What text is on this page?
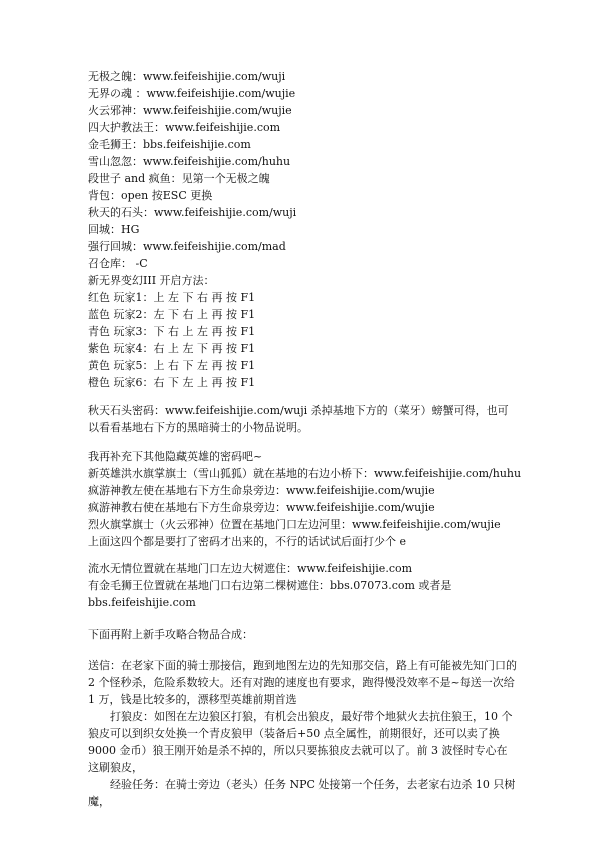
无极之魄：www.feifeishijie.com/wuji
无界の魂 ：www.feifeishijie.com/wujie
火云邪神：www.feifeishijie.com/wujie
四大护教法王：www.feifeishijie.com
金毛狮王：bbs.feifeishijie.com
雪山忽忽：www.feifeishijie.com/huhu
段世子 and 疯鱼：见第一个无极之魄
背包：open 按ESC 更换
秋天的石头：www.feifeishijie.com/wuji
回城：HG
强行回城：www.feifeishijie.com/mad
召仓库： -C
新无界变幻III 开启方法：
红色 玩家1：上 左 下 右 再 按 F1
蓝色 玩家2：左 下 右 上 再 按 F1
青色 玩家3：下 右 上 左 再 按 F1
紫色 玩家4：右 上 左 下 再 按 F1
黄色 玩家5：上 右 下 左 再 按 F1
橙色 玩家6：右 下 左 上 再 按 F1
秋天石头密码：www.feifeishijie.com/wuji 杀掉基地下方的（菜牙）螃蟹可得，也可以看看基地右下方的黑暗骑士的小物品说明。
我再补充下其他隐藏英雄的密码吧~
新英雄洪水旗掌旗士（雪山狐狐）就在基地的右边小桥下：www.feifeishijie.com/huhu
疯游神教左使在基地右下方生命泉旁边：www.feifeishijie.com/wujie
疯游神教右使在基地右下方生命泉旁边：www.feifeishijie.com/wujie
烈火旗掌旗士（火云邪神）位置在基地门口左边河里：www.feifeishijie.com/wujie
上面这四个都是要打了密码才出来的，不行的话试试后面打少个 e
流水无情位置就在基地门口左边大树遮住：www.feifeishijie.com
有金毛狮王位置就在基地门口右边第二棵树遮住：bbs.07073.com 或者是 bbs.feifeishijie.com
下面再附上新手攻略合物品合成：
送信：在老家下面的骑士那接信，跑到地图左边的先知那交信，路上有可能被先知门口的 2 个怪秒杀，危险系数较大。还有对跑的速度也有要求，跑得慢没效率不是~每送一次给 1 万，钱是比较多的，漂移型英雄前期首选
打狼皮：如图在左边狼区打狼，有机会出狼皮，最好带个地狱火去抗住狼王，10 个狼皮可以到织女处换一个青皮狼甲（装备后+50 点全属性，前期很好，还可以卖了换 9000 金币）狼王刚开始是杀不掉的，所以只要拣狼皮去就可以了。前 3 波怪时专心在这刷狼皮，
经验任务：在骑士旁边（老头）任务 NPC 处接第一个任务，去老家右边杀 10 只树魔，
